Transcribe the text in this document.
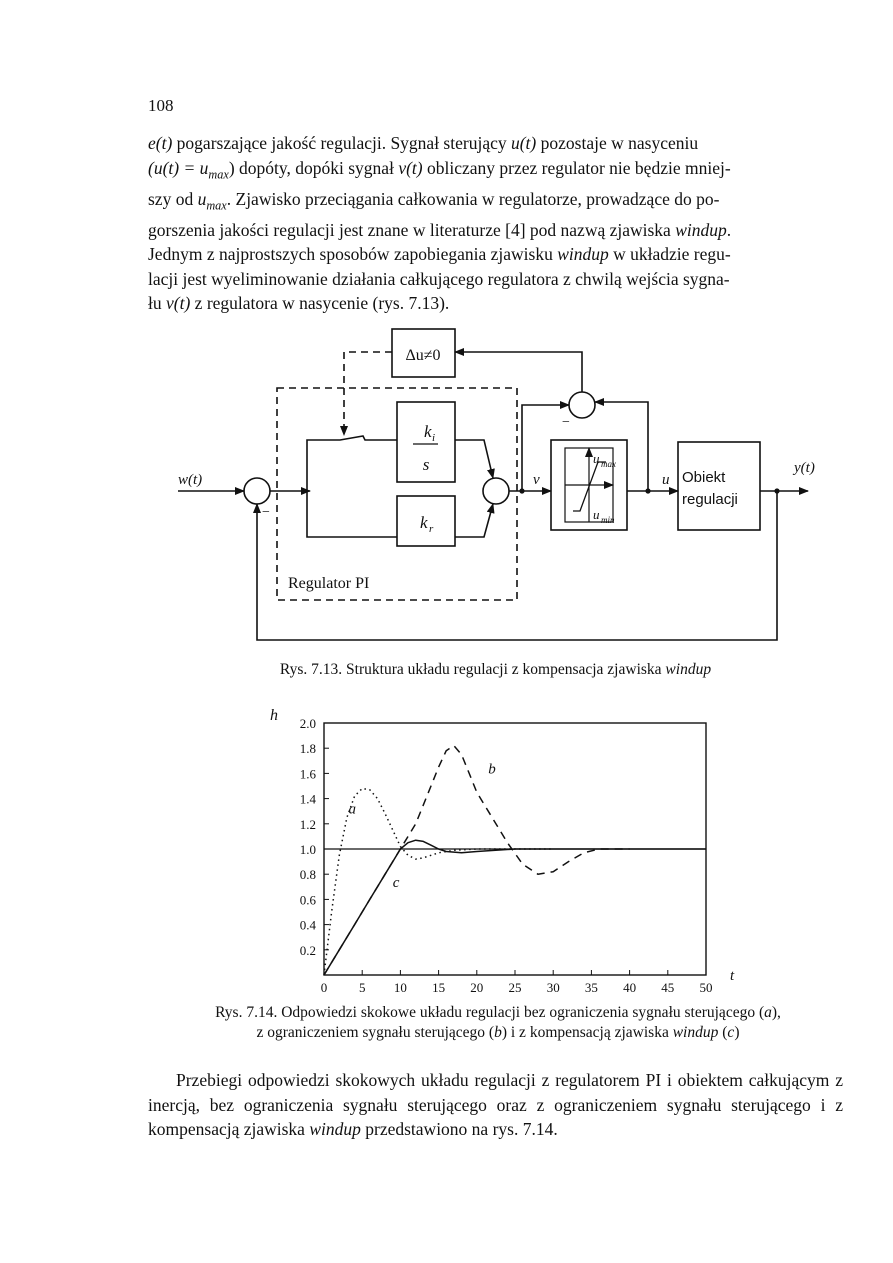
108
e(t) pogarszające jakość regulacji. Sygnał sterujący u(t) pozostaje w nasyceniu
$(u(t) = u_{max})$ dopóty, dopóki sygnał v(t) obliczany przez regulator nie będzie mniej-
szy od $u_{max}$. Zjawisko przeciągania całkowania w regulatorze, prowadzące do po-
gorszenia jakości regulacji jest znane w literaturze [4] pod nazwą zjawiska windup.
Jednym z najprostszych sposobów zapobiegania zjawisku windup w układzie regu-
lacji jest wyeliminowanie działania całkującego regulatora z chwilą wejścia sygna-
łu v(t) z regulatora w nasycenie (rys. 7.13).
Δu≠0
k i
s
k r
u max
u min
Obiekt
regulacji
w(t)
y(t)
v	u
−
−
Regulator PI
Rys. 7.13. Struktura układu regulacji z kompensacja zjawiska windup
0 5 10 15 20 25 30 35 40 45 50
2.0
1.8
1.6
1.4
1.2
1.0
0.8
0.6
0.4
0.2
h
t
a
b
c
Rys. 7.14. Odpowiedzi skokowe układu regulacji bez ograniczenia sygnału sterującego (a),
z ograniczeniem sygnału sterującego (b) i z kompensacją zjawiska windup (c)
Przebiegi odpowiedzi skokowych układu regulacji z regulatorem PI i obiektem całkującym z inercją, bez ograniczenia sygnału sterującego oraz z ograniczeniem sygnału sterującego i z kompensacją zjawiska windup przedstawiono na rys. 7.14.
